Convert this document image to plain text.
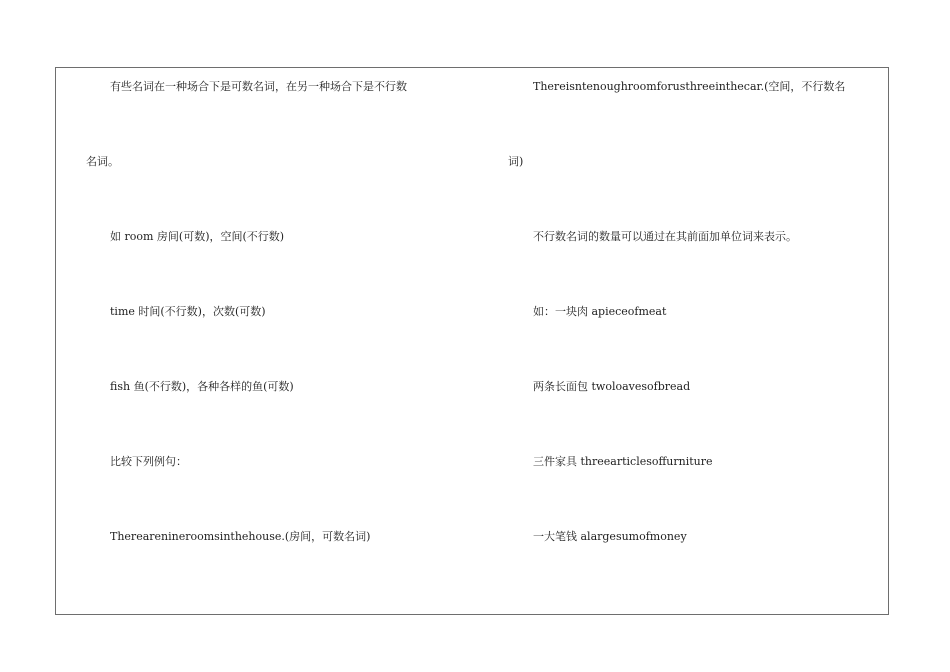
有些名词在一种场合下是可数名词，在另一种场合下是不行数
名词。
如 room 房间(可数)，空间(不行数)
time 时间(不行数)，次数(可数)
fish 鱼(不行数)，各种各样的鱼(可数)
比较下列例句：
Therearenineroomsinthehouse.(房间，可数名词)
Thereisntenoughroomforusthreeinthecar.(空间，不行数名
词)
不行数名词的数量可以通过在其前面加单位词来表示。
如：一块肉 apieceofmeat
两条长面包 twoloavesofbread
三件家具 threearticlesoffurniture
一大笔钱 alargesumofmoney
